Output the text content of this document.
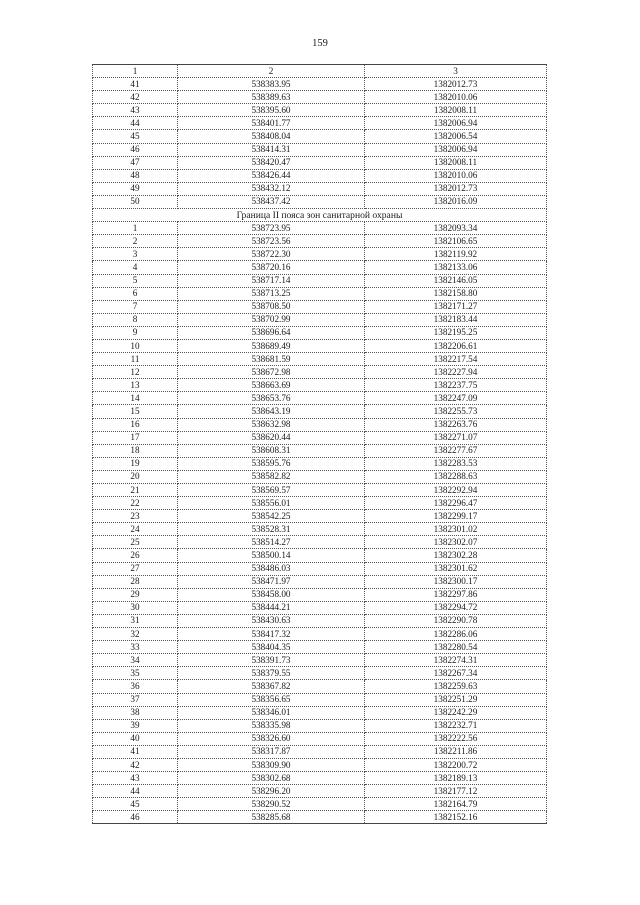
159
1	2	3
41	538383.95	1382012.73
42	538389.63	1382010.06
43	538395.60	1382008.11
44	538401.77	1382006.94
45	538408.04	1382006.54
46	538414.31	1382006.94
47	538420.47	1382008.11
48	538426.44	1382010.06
49	538432.12	1382012.73
50	538437.42	1382016.09
Граница II пояса зон санитарной охраны		
1	538723.95	1382093.34
2	538723.56	1382106.65
3	538722.30	1382119.92
4	538720.16	1382133.06
5	538717.14	1382146.05
6	538713.25	1382158.80
7	538708.50	1382171.27
8	538702.99	1382183.44
9	538696.64	1382195.25
10	538689.49	1382206.61
11	538681.59	1382217.54
12	538672.98	1382227.94
13	538663.69	1382237.75
14	538653.76	1382247.09
15	538643.19	1382255.73
16	538632.98	1382263.76
17	538620.44	1382271.07
18	538608.31	1382277.67
19	538595.76	1382283.53
20	538582.82	1382288.63
21	538569.57	1382292.94
22	538556.01	1382296.47
23	538542.25	1382299.17
24	538528.31	1382301.02
25	538514.27	1382302.07
26	538500.14	1382302.28
27	538486.03	1382301.62
28	538471.97	1382300.17
29	538458.00	1382297.86
30	538444.21	1382294.72
31	538430.63	1382290.78
32	538417.32	1382286.06
33	538404.35	1382280.54
34	538391.73	1382274.31
35	538379.55	1382267.34
36	538367.82	1382259.63
37	538356.65	1382251.29
38	538346.01	1382242.29
39	538335.98	1382232.71
40	538326.60	1382222.56
41	538317.87	1382211.86
42	538309.90	1382200.72
43	538302.68	1382189.13
44	538296.20	1382177.12
45	538290.52	1382164.79
46	538285.68	1382152.16
